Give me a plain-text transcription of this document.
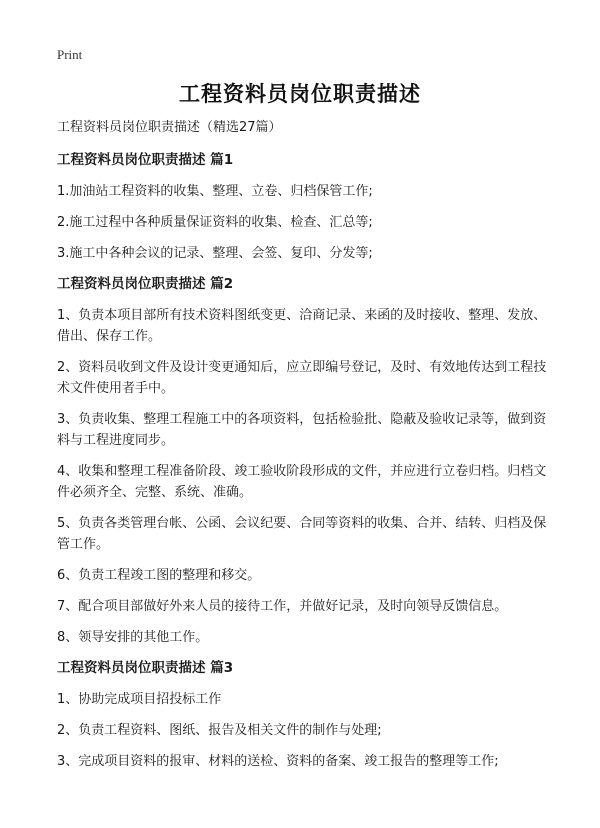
Print
工程资料员岗位职责描述

工程资料员岗位职责描述（精选27篇）

工程资料员岗位职责描述 篇1

1.加油站工程资料的收集、整理、立卷、归档保管工作;

2.施工过程中各种质量保证资料的收集、检查、汇总等;

3.施工中各种会议的记录、整理、会签、复印、分发等;

工程资料员岗位职责描述 篇2

1、负责本项目部所有技术资料图纸变更、洽商记录、来函的及时接收、整理、发放、借出、保存工作。

2、资料员收到文件及设计变更通知后，应立即编号登记，及时、有效地传达到工程技术文件使用者手中。

3、负责收集、整理工程施工中的各项资料，包括检验批、隐蔽及验收记录等，做到资料与工程进度同步。

4、收集和整理工程准备阶段、竣工验收阶段形成的文件，并应进行立卷归档。归档文件必须齐全、完整、系统、准确。

5、负责各类管理台帐、公函、会议纪要、合同等资料的收集、合并、结转、归档及保管工作。

6、负责工程竣工图的整理和移交。

7、配合项目部做好外来人员的接待工作，并做好记录，及时向领导反馈信息。

8、领导安排的其他工作。

工程资料员岗位职责描述 篇3

1、协助完成项目招投标工作

2、负责工程资料、图纸、报告及相关文件的制作与处理;

3、完成项目资料的报审、材料的送检、资料的备案、竣工报告的整理等工作;
